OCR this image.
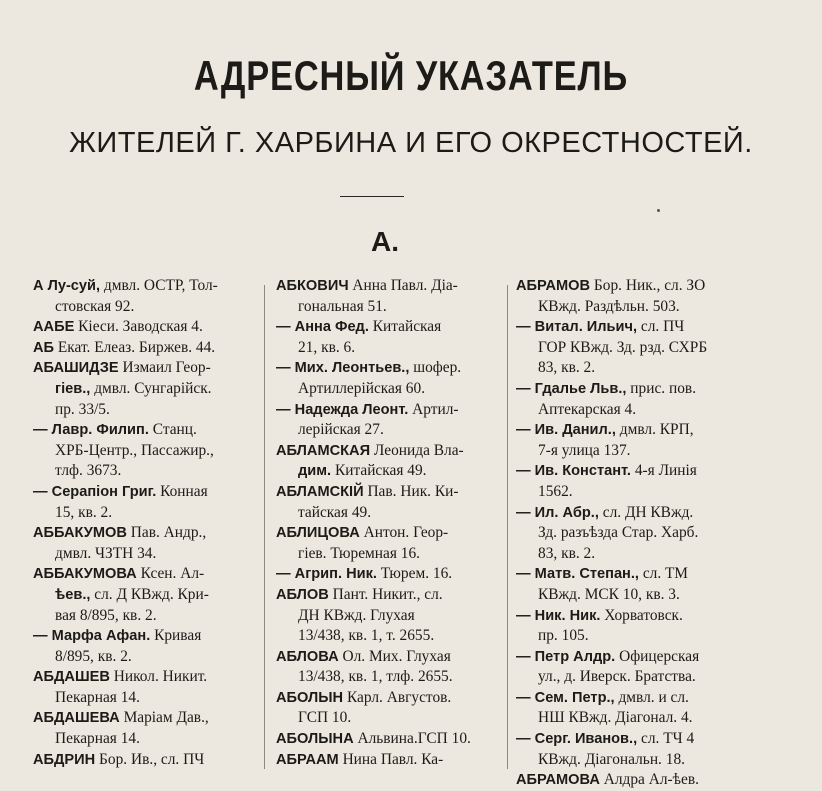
АДРЕСНЫЙ УКАЗАТЕЛЬ
ЖИТЕЛЕЙ Г. ХАРБИНА И ЕГО ОКРЕСТНОСТЕЙ.
А.
А Лу-суй, дмвл. ОСТР, Тол-
стовская 92.
ААБЕ Кіеси. Заводская 4.
АБ Екат. Елеаз. Биржев. 44.
АБАШИДЗЕ Измаил Геор-
гіев., дмвл. Сунгарійск.
пр. 33/5.
— Лавр. Филип. Станц.
ХРБ-Центр., Пассажир.,
тлф. 3673.
— Серапіон Григ. Конная
15, кв. 2.
АББАКУМОВ Пав. Андр.,
дмвл. ЧЗТН 34.
АББАКУМОВА Ксен. Ал-
ѣев., сл. Д КВжд. Кри-
вая 8/895, кв. 2.
— Марфа Афан. Кривая
8/895, кв. 2.
АБДАШЕВ Никол. Никит.
Пекарная 14.
АБДАШЕВА Маріам Дав.,
Пекарная 14.
АБДРИН Бор. Ив., сл. ПЧ
АБКОВИЧ Анна Павл. Діа-
гональная 51.
— Анна Фед. Китайская
21, кв. 6.
— Мих. Леонтьев., шофер.
Артиллерійская 60.
— Надежда Леонт. Артил-
лерійская 27.
АБЛАМСКАЯ Леонида Вла-
дим. Китайская 49.
АБЛАМСКІЙ Пав. Ник. Ки-
тайская 49.
АБЛИЦОВА Антон. Геор-
гіев. Тюремная 16.
— Агрип. Ник. Тюрем. 16.
АБЛОВ Пант. Никит., сл.
ДН КВжд. Глухая
13/438, кв. 1, т. 2655.
АБЛОВА Ол. Мих. Глухая
13/438, кв. 1, тлф. 2655.
АБОЛЫН Карл. Августов.
ГСП 10.
АБОЛЫНА Альвина.ГСП 10.
АБРААМ Нина Павл. Ка-
АБРАМОВ Бор. Ник., сл. ЗО
КВжд. Раздѣльн. 503.
— Витал. Ильич, сл. ПЧ
ГОР КВжд. Зд. рзд. СХРБ
83, кв. 2.
— Гдалье Льв., прис. пов.
Аптекарская 4.
— Ив. Данил., дмвл. КРП,
7-я улица 137.
— Ив. Констант. 4-я Линія
1562.
— Ил. Абр., сл. ДН КВжд.
Зд. разъѣзда Стар. Харб.
83, кв. 2.
— Матв. Степан., сл. ТМ
КВжд. МСК 10, кв. 3.
— Ник. Ник. Хорватовск.
пр. 105.
— Петр Алдр. Офицерская
ул., д. Иверск. Братства.
— Сем. Петр., дмвл. и сл.
НШ КВжд. Діагонал. 4.
— Серг. Иванов., сл. ТЧ 4
КВжд. Діагональн. 18.
АБРАМОВА Алдра Ал-ѣев.
